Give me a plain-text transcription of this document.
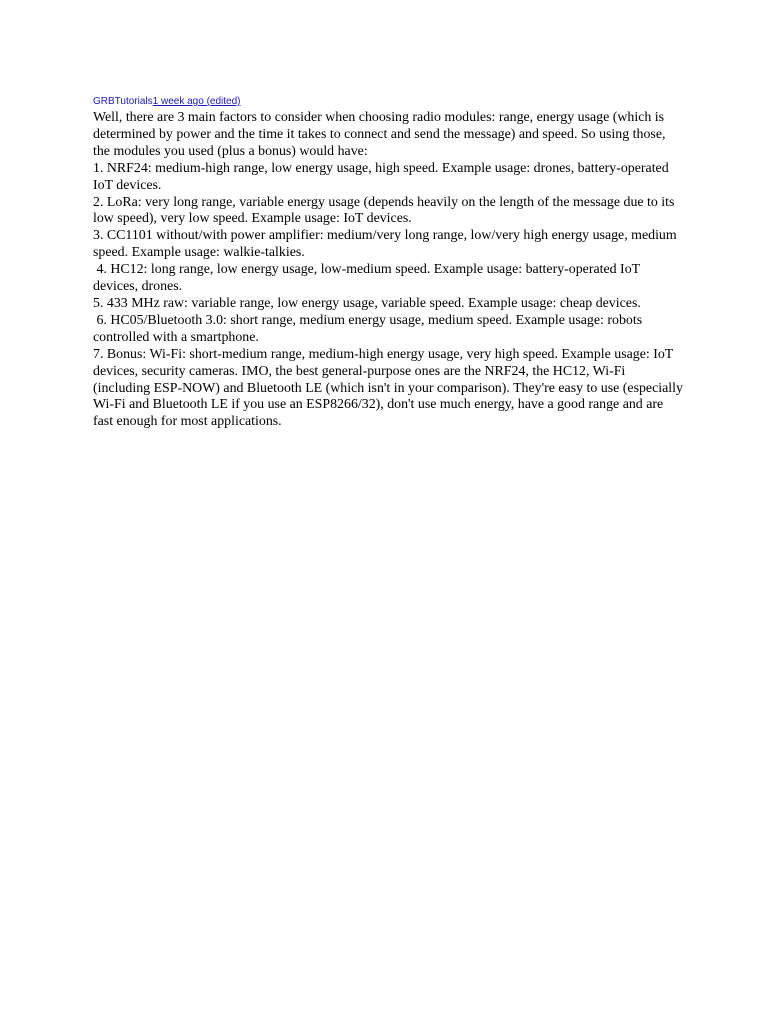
GRBTutorials1 week ago (edited)

Well, there are 3 main factors to consider when choosing radio modules: range, energy usage (which is determined by power and the time it takes to connect and send the message) and speed. So using those, the modules you used (plus a bonus) would have:

1. NRF24: medium-high range, low energy usage, high speed. Example usage: drones, battery-operated IoT devices.

2. LoRa: very long range, variable energy usage (depends heavily on the length of the message due to its low speed), very low speed. Example usage: IoT devices.

3. CC1101 without/with power amplifier: medium/very long range, low/very high energy usage, medium speed. Example usage: walkie-talkies.

4. HC12: long range, low energy usage, low-medium speed. Example usage: battery-operated IoT devices, drones.

5. 433 MHz raw: variable range, low energy usage, variable speed. Example usage: cheap devices.

6. HC05/Bluetooth 3.0: short range, medium energy usage, medium speed. Example usage: robots controlled with a smartphone.

7. Bonus: Wi-Fi: short-medium range, medium-high energy usage, very high speed. Example usage: IoT devices, security cameras. IMO, the best general-purpose ones are the NRF24, the HC12, Wi-Fi (including ESP-NOW) and Bluetooth LE (which isn't in your comparison). They're easy to use (especially Wi-Fi and Bluetooth LE if you use an ESP8266/32), don't use much energy, have a good range and are fast enough for most applications.
